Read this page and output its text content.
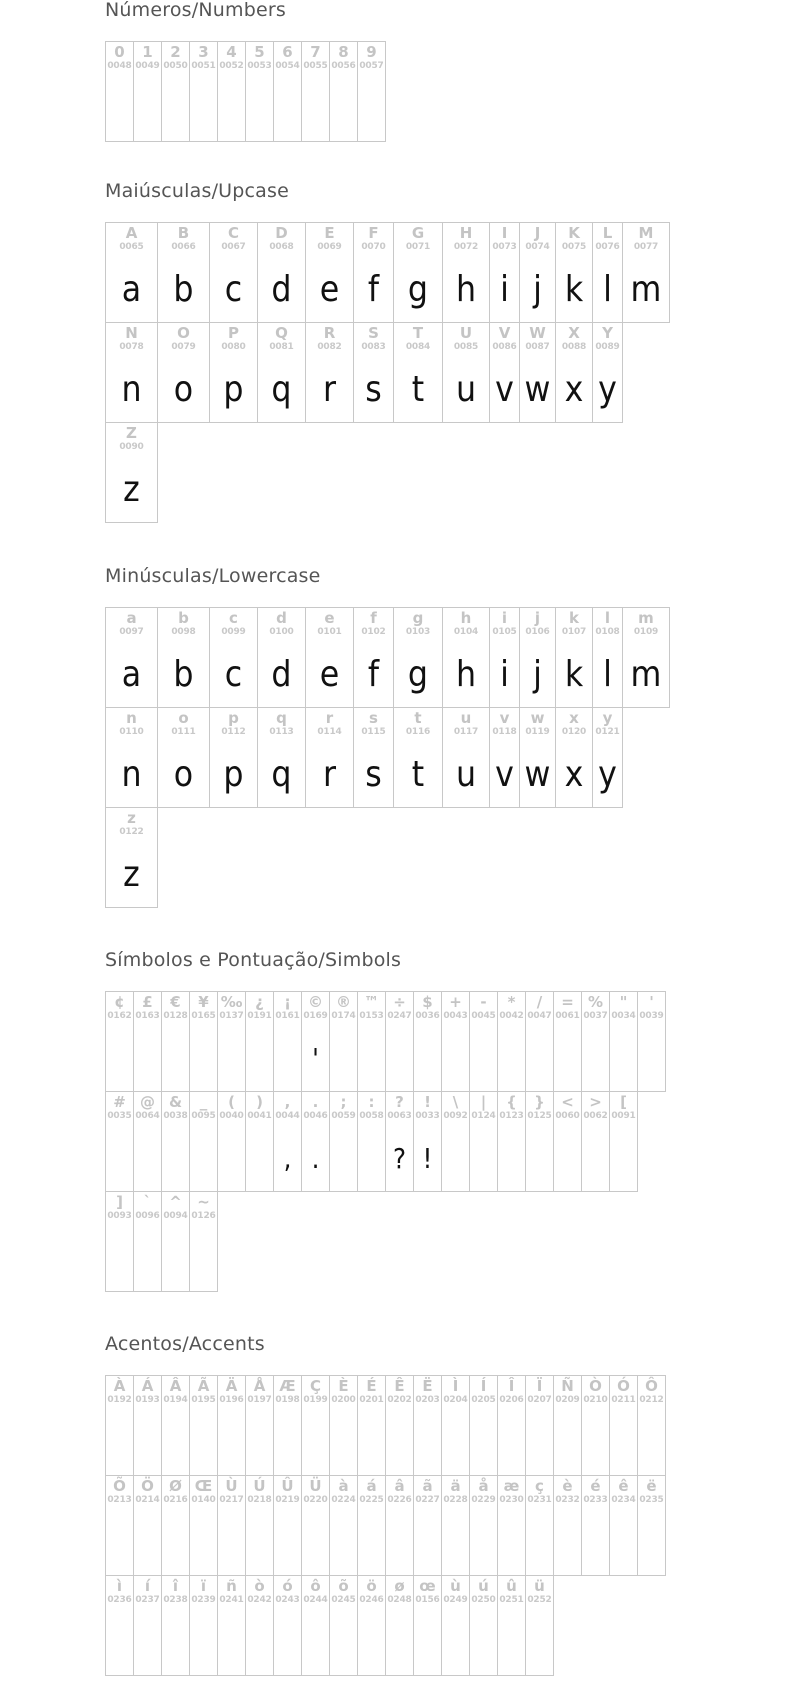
Números/Numbers
0
0048
1
0049
2
0050
3
0051
4
0052
5
0053
6
0054
7
0055
8
0056
9
0057
Maiúsculas/Upcase
A
0065
a
B
0066
b
C
0067
c
D
0068
d
E
0069
e
F
0070
f
G
0071
g
H
0072
h
I
0073
i
J
0074
j
K
0075
k
L
0076
l
M
0077
m
N
0078
n
O
0079
o
P
0080
p
Q
0081
q
R
0082
r
S
0083
s
T
0084
t
U
0085
u
V
0086
v
W
0087
w
X
0088
x
Y
0089
y
Z
0090
z
Minúsculas/Lowercase
a
0097
a
b
0098
b
c
0099
c
d
0100
d
e
0101
e
f
0102
f
g
0103
g
h
0104
h
i
0105
i
j
0106
j
k
0107
k
l
0108
l
m
0109
m
n
0110
n
o
0111
o
p
0112
p
q
0113
q
r
0114
r
s
0115
s
t
0116
t
u
0117
u
v
0118
v
w
0119
w
x
0120
x
y
0121
y
z
0122
z
Símbolos e Pontuação/Simbols
¢
0162
£
0163
€
0128
¥
0165
‰
0137
¿
0191
¡
0161
©
0169
'
®
0174
™
0153
÷
0247
$
0036
+
0043
-
0045
*
0042
/
0047
=
0061
%
0037
"
0034
'
0039
#
0035
@
0064
&
0038
_
0095
(
0040
)
0041
,
0044
,
.
0046
.
;
0059
:
0058
?
0063
?
!
0033
!
\
0092
|
0124
{
0123
}
0125
<
0060
>
0062
[
0091
]
0093
`
0096
^
0094
~
0126
Acentos/Accents
À
0192
Á
0193
Â
0194
Ã
0195
Ä
0196
Å
0197
Æ
0198
Ç
0199
È
0200
É
0201
Ê
0202
Ë
0203
Ì
0204
Í
0205
Î
0206
Ï
0207
Ñ
0209
Ò
0210
Ó
0211
Ô
0212
Õ
0213
Ö
0214
Ø
0216
Œ
0140
Ù
0217
Ú
0218
Û
0219
Ü
0220
à
0224
á
0225
â
0226
ã
0227
ä
0228
å
0229
æ
0230
ç
0231
è
0232
é
0233
ê
0234
ë
0235
ì
0236
í
0237
î
0238
ï
0239
ñ
0241
ò
0242
ó
0243
ô
0244
õ
0245
ö
0246
ø
0248
œ
0156
ù
0249
ú
0250
û
0251
ü
0252
